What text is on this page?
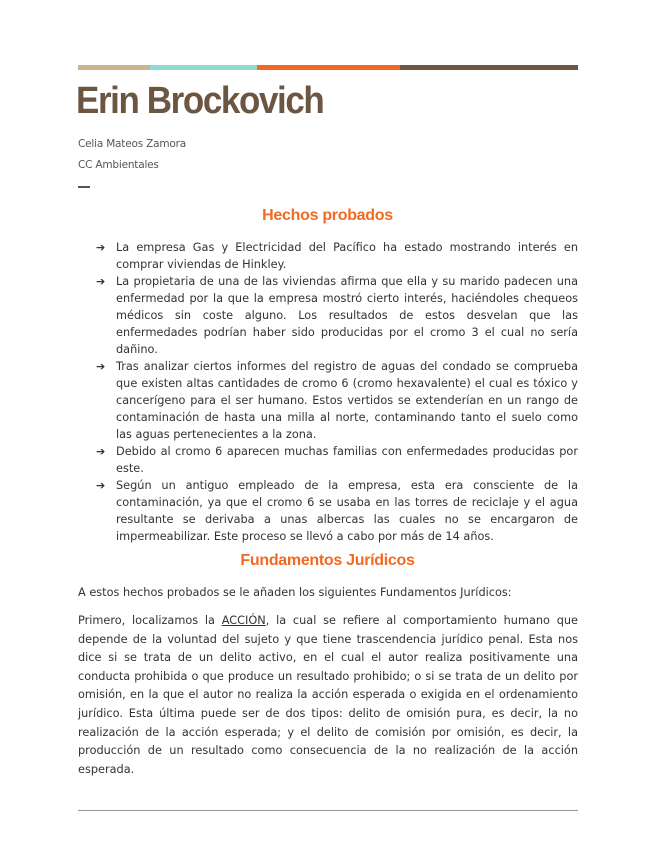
Erin Brockovich
Celia Mateos Zamora
CC Ambientales
Hechos probados
➔ La empresa Gas y Electricidad del Pacífico ha estado mostrando interés en comprar viviendas de Hinkley.
➔ La propietaria de una de las viviendas afirma que ella y su marido padecen una enfermedad por la que la empresa mostró cierto interés, haciéndoles chequeos médicos sin coste alguno. Los resultados de estos desvelan que las enfermedades podrían haber sido producidas por el cromo 3 el cual no sería dañino.
➔ Tras analizar ciertos informes del registro de aguas del condado se comprueba que existen altas cantidades de cromo 6 (cromo hexavalente) el cual es tóxico y cancerígeno para el ser humano. Estos vertidos se extenderían en un rango de contaminación de hasta una milla al norte, contaminando tanto el suelo como las aguas pertenecientes a la zona.
➔ Debido al cromo 6 aparecen muchas familias con enfermedades producidas por este.
➔ Según un antiguo empleado de la empresa, esta era consciente de la contaminación, ya que el cromo 6 se usaba en las torres de reciclaje y el agua resultante se derivaba a unas albercas las cuales no se encargaron de impermeabilizar. Este proceso se llevó a cabo por más de 14 años.
Fundamentos Jurídicos

A estos hechos probados se le añaden los siguientes Fundamentos Jurídicos:

Primero, localizamos la ACCIÓN, la cual se refiere al comportamiento humano que depende de la voluntad del sujeto y que tiene trascendencia jurídico penal. Esta nos dice si se trata de un delito activo, en el cual el autor realiza positivamente una conducta prohibida o que produce un resultado prohibido; o si se trata de un delito por omisión, en la que el autor no realiza la acción esperada o exigida en el ordenamiento jurídico. Esta última puede ser de dos tipos: delito de omisión pura, es decir, la no realización de la acción esperada; y el delito de comisión por omisión, es decir, la producción de un resultado como consecuencia de la no realización de la acción esperada.
